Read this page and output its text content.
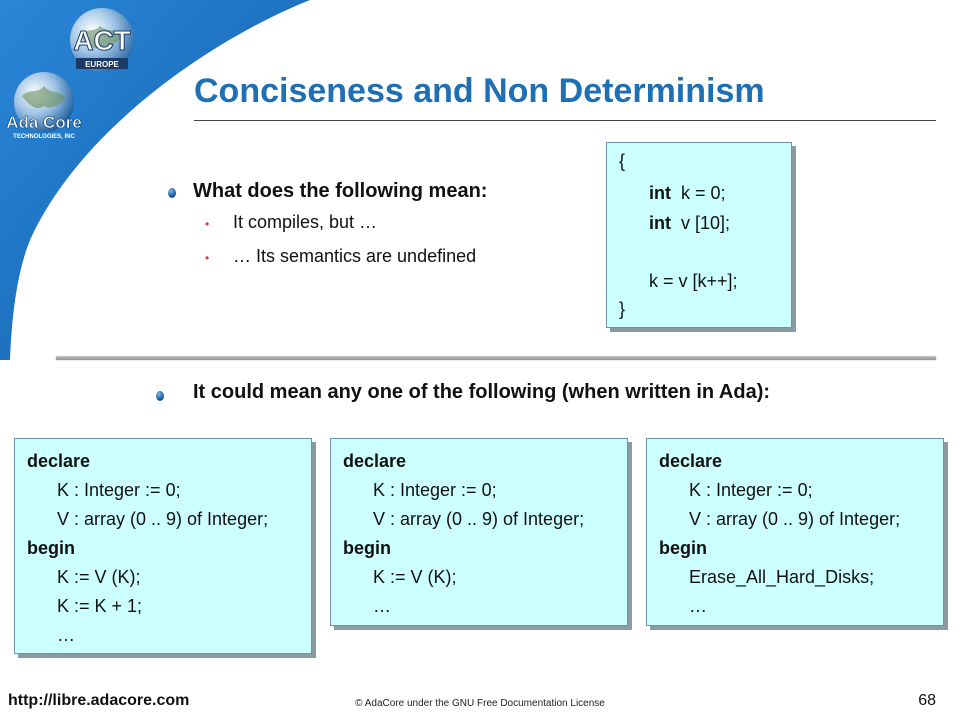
ACT
EUROPE
Ada Core
TECHNOLOGIES, INC
Conciseness and Non Determinism
What does the following mean:
• It compiles, but …
• … Its semantics are undefined
{
int k = 0;
int v [10];
k = v [k++];
}
It could mean any one of the following (when written in Ada):
declare
K : Integer := 0;
V : array (0 .. 9) of Integer;
begin
K := V (K);
K := K + 1;
…
declare
K : Integer := 0;
V : array (0 .. 9) of Integer;
begin
K := V (K);
…
declare
K : Integer := 0;
V : array (0 .. 9) of Integer;
begin
Erase_All_Hard_Disks;
…
http://libre.adacore.com	© AdaCore under the GNU Free Documentation License	68
